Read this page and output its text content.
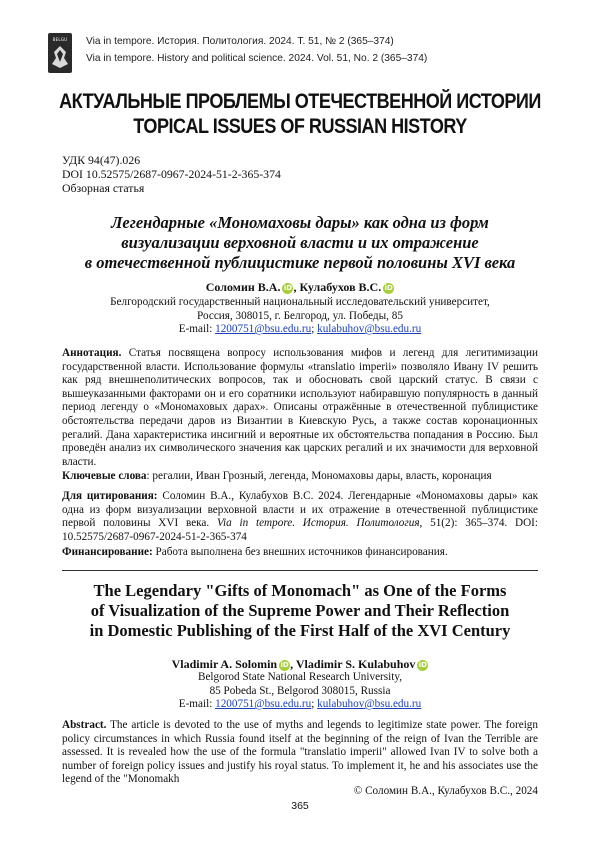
BELGU	Via in tempore. История. Политология. 2024. Т. 51, № 2 (365–374)
Via in tempore. History and political science. 2024. Vol. 51, No. 2 (365–374)
АКТУАЛЬНЫЕ ПРОБЛЕМЫ ОТЕЧЕСТВЕННОЙ ИСТОРИИ
TOPICAL ISSUES OF RUSSIAN HISTORY
УДК 94(47).026
DOI 10.52575/2687-0967-2024-51-2-365-374
Обзорная статья
Легендарные «Мономаховы дары» как одна из форм
визуализации верховной власти и их отражение
в отечественной публицистике первой половины XVI века
Соломин В.А. iD, Кулабухов В.С. iD
Белгородский государственный национальный исследовательский университет,
Россия, 308015, г. Белгород, ул. Победы, 85
E-mail: 1200751@bsu.edu.ru; kulabuhov@bsu.edu.ru
Аннотация. Статья посвящена вопросу использования мифов и легенд для легитимизации государственной власти. Использование формулы «translatio imperii» позволяло Ивану IV решить как ряд внешнеполитических вопросов, так и обосновать свой царский статус. В связи с вышеуказанными факторами он и его соратники используют набиравшую популярность в данный период легенду о «Мономаховых дарах». Описаны отражённые в отечественной публицистике обстоятельства передачи даров из Византии в Киевскую Русь, а также состав коронационных регалий. Дана характеристика инсигний и вероятные их обстоятельства попадания в Россию. Был проведён анализ их символического значения как царских регалий и их значимости для верховной власти.
Ключевые слова: регалии, Иван Грозный, легенда, Мономаховы дары, власть, коронация
Для цитирования: Соломин В.А., Кулабухов В.С. 2024. Легендарные «Мономаховы дары» как одна из форм визуализации верховной власти и их отражение в отечественной публицистике первой половины XVI века. Via in tempore. История. Политология, 51(2): 365–374. DOI: 10.52575/2687-0967-2024-51-2-365-374
Финансирование: Работа выполнена без внешних источников финансирования.
The Legendary "Gifts of Monomach" as One of the Forms
of Visualization of the Supreme Power and Their Reflection
in Domestic Publishing of the First Half of the XVI Century
Vladimir A. Solomin iD, Vladimir S. Kulabuhov iD
Belgorod State National Research University,
85 Pobeda St., Belgorod 308015, Russia
E-mail: 1200751@bsu.edu.ru; kulabuhov@bsu.edu.ru
Abstract. The article is devoted to the use of myths and legends to legitimize state power. The foreign policy circumstances in which Russia found itself at the beginning of the reign of Ivan the Terrible are assessed. It is revealed how the use of the formula "translatio imperii" allowed Ivan IV to solve both a number of foreign policy issues and justify his royal status. To implement it, he and his associates use the legend of the "Monomakh
© Соломин В.А., Кулабухов В.С., 2024
365
